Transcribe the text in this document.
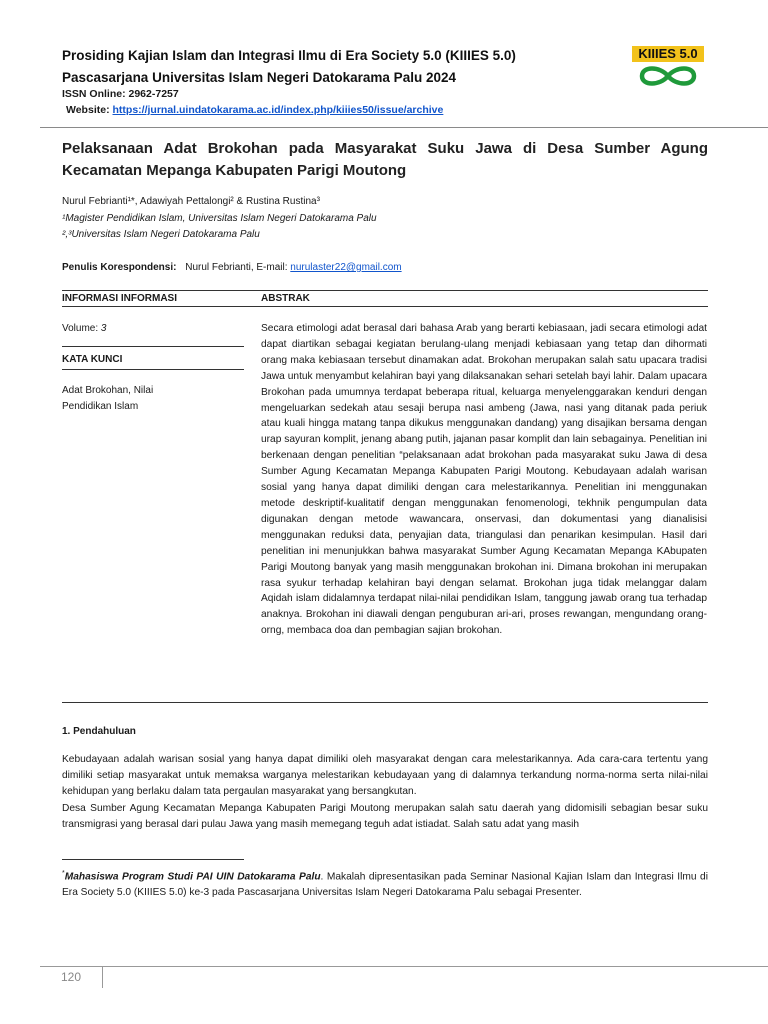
Prosiding Kajian Islam dan Integrasi Ilmu di Era Society 5.0 (KIIIES 5.0)
Pascasarjana Universitas Islam Negeri Datokarama Palu 2024
ISSN Online: 2962-7257
Website: https://jurnal.uindatokarama.ac.id/index.php/kiiies50/issue/archive
KIIIES 5.0
Pelaksanaan Adat Brokohan pada Masyarakat Suku Jawa di Desa Sumber Agung Kecamatan Mepanga Kabupaten Parigi Moutong
Nurul Febrianti¹*, Adawiyah Pettalongi² & Rustina Rustina³
¹Magister Pendidikan Islam, Universitas Islam Negeri Datokarama Palu
²,³Universitas Islam Negeri Datokarama Palu
Penulis Korespondensi: Nurul Febrianti, E-mail: nurulaster22@gmail.com
INFORMASI INFORMASI	ABSTRAK
Volume: 3
KATA KUNCI
Adat Brokohan, Nilai Pendidikan Islam
Secara etimologi adat berasal dari bahasa Arab yang berarti kebiasaan, jadi secara etimologi adat dapat diartikan sebagai kegiatan berulang-ulang menjadi kebiasaan yang tetap dan dihormati orang maka kebiasaan tersebut dinamakan adat. Brokohan merupakan salah satu upacara tradisi Jawa untuk menyambut kelahiran bayi yang dilaksanakan sehari setelah bayi lahir. Dalam upacara Brokohan pada umumnya terdapat beberapa ritual, keluarga menyelenggarakan kenduri dengan mengeluarkan sedekah atau sesaji berupa nasi ambeng (Jawa, nasi yang ditanak pada periuk atau kuali hingga matang tanpa dikukus menggunakan dandang) yang disajikan bersama dengan urap sayuran komplit, jenang abang putih, jajanan pasar komplit dan lain sebagainya. Penelitian ini berkenaan dengan penelitian “pelaksanaan adat brokohan pada masyarakat suku Jawa di desa Sumber Agung Kecamatan Mepanga Kabupaten Parigi Moutong. Kebudayaan adalah warisan sosial yang hanya dapat dimiliki dengan cara melestarikannya. Penelitian ini menggunakan metode deskriptif-kualitatif dengan menggunakan fenomenologi, tekhnik pengumpulan data digunakan dengan metode wawancara, onservasi, dan dokumentasi yang dianalisisi menggunakan reduksi data, penyajian data, triangulasi dan penarikan kesimpulan. Hasil dari penelitian ini menunjukkan bahwa masyarakat Sumber Agung Kecamatan Mepanga KAbupaten Parigi Moutong banyak yang masih menggunakan brokohan ini. Dimana brokohan ini merupakan rasa syukur terhadap kelahiran bayi dengan selamat. Brokohan juga tidak melanggar dalam Aqidah islam didalamnya terdapat nilai-nilai pendidikan Islam, tanggung jawab orang tua terhadap anaknya. Brokohan ini diawali dengan penguburan ari-ari, proses rewangan, mengundang orang-orng, membaca doa dan pembagian sajian brokohan.
1. Pendahuluan

Kebudayaan adalah warisan sosial yang hanya dapat dimiliki oleh masyarakat dengan cara melestarikannya. Ada cara-cara tertentu yang dimiliki setiap masyarakat untuk memaksa warganya melestarikan kebudayaan yang di dalamnya terkandung norma-norma serta nilai-nilai kehidupan yang berlaku dalam tata pergaulan masyarakat yang bersangkutan.

Desa Sumber Agung Kecamatan Mepanga Kabupaten Parigi Moutong merupakan salah satu daerah yang didomisili sebagian besar suku transmigrasi yang berasal dari pulau Jawa yang masih memegang teguh adat istiadat. Salah satu adat yang masih

*Mahasiswa Program Studi PAI UIN Datokarama Palu. Makalah dipresentasikan pada Seminar Nasional Kajian Islam dan Integrasi Ilmu di Era Society 5.0 (KIIIES 5.0) ke-3 pada Pascasarjana Universitas Islam Negeri Datokarama Palu sebagai Presenter.
120
